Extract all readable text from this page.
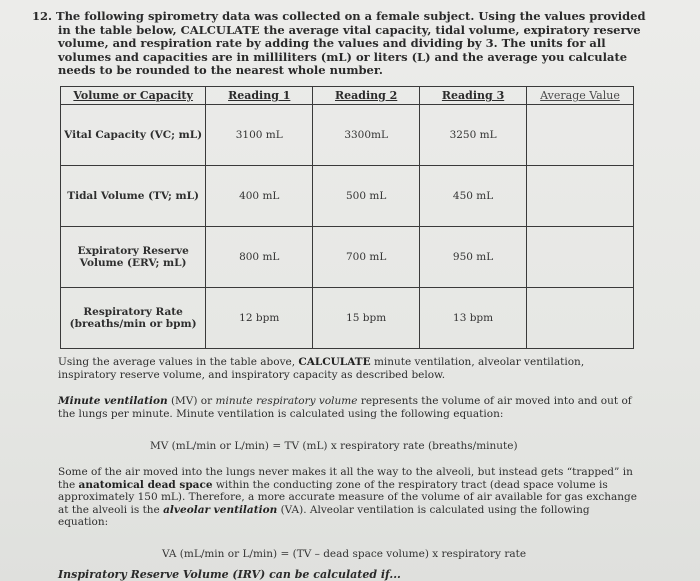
12. The following spirometry data was collected on a female subject. Using the values provided in the table below, CALCULATE the average vital capacity, tidal volume, expiratory reserve volume, and respiration rate by adding the values and dividing by 3. The units for all volumes and capacities are in milliliters (mL) or liters (L) and the average you calculate needs to be rounded to the nearest whole number.
Volume or Capacity	Reading 1	Reading 2	Reading 3	Average Value
Vital Capacity (VC; mL)	3100 mL	3300mL	3250 mL	
Tidal Volume (TV; mL)	400 mL	500 mL	450 mL	
Expiratory Reserve
Volume (ERV; mL)	800 mL	700 mL	950 mL	
Respiratory Rate
(breaths/min or bpm)	12 bpm	15 bpm	13 bpm	
Using the average values in the table above, CALCULATE minute ventilation, alveolar ventilation, inspiratory reserve volume, and inspiratory capacity as described below.
Minute ventilation (MV) or minute respiratory volume represents the volume of air moved into and out of the lungs per minute. Minute ventilation is calculated using the following equation:
MV (mL/min or L/min) = TV (mL) x respiratory rate (breaths/minute)
Some of the air moved into the lungs never makes it all the way to the alveoli, but instead gets “trapped” in the anatomical dead space within the conducting zone of the respiratory tract (dead space volume is approximately 150 mL). Therefore, a more accurate measure of the volume of air available for gas exchange at the alveoli is the alveolar ventilation (VA). Alveolar ventilation is calculated using the following equation:
VA (mL/min or L/min) = (TV – dead space volume) x respiratory rate
Inspiratory Reserve Volume (IRV) can be calculated if...
